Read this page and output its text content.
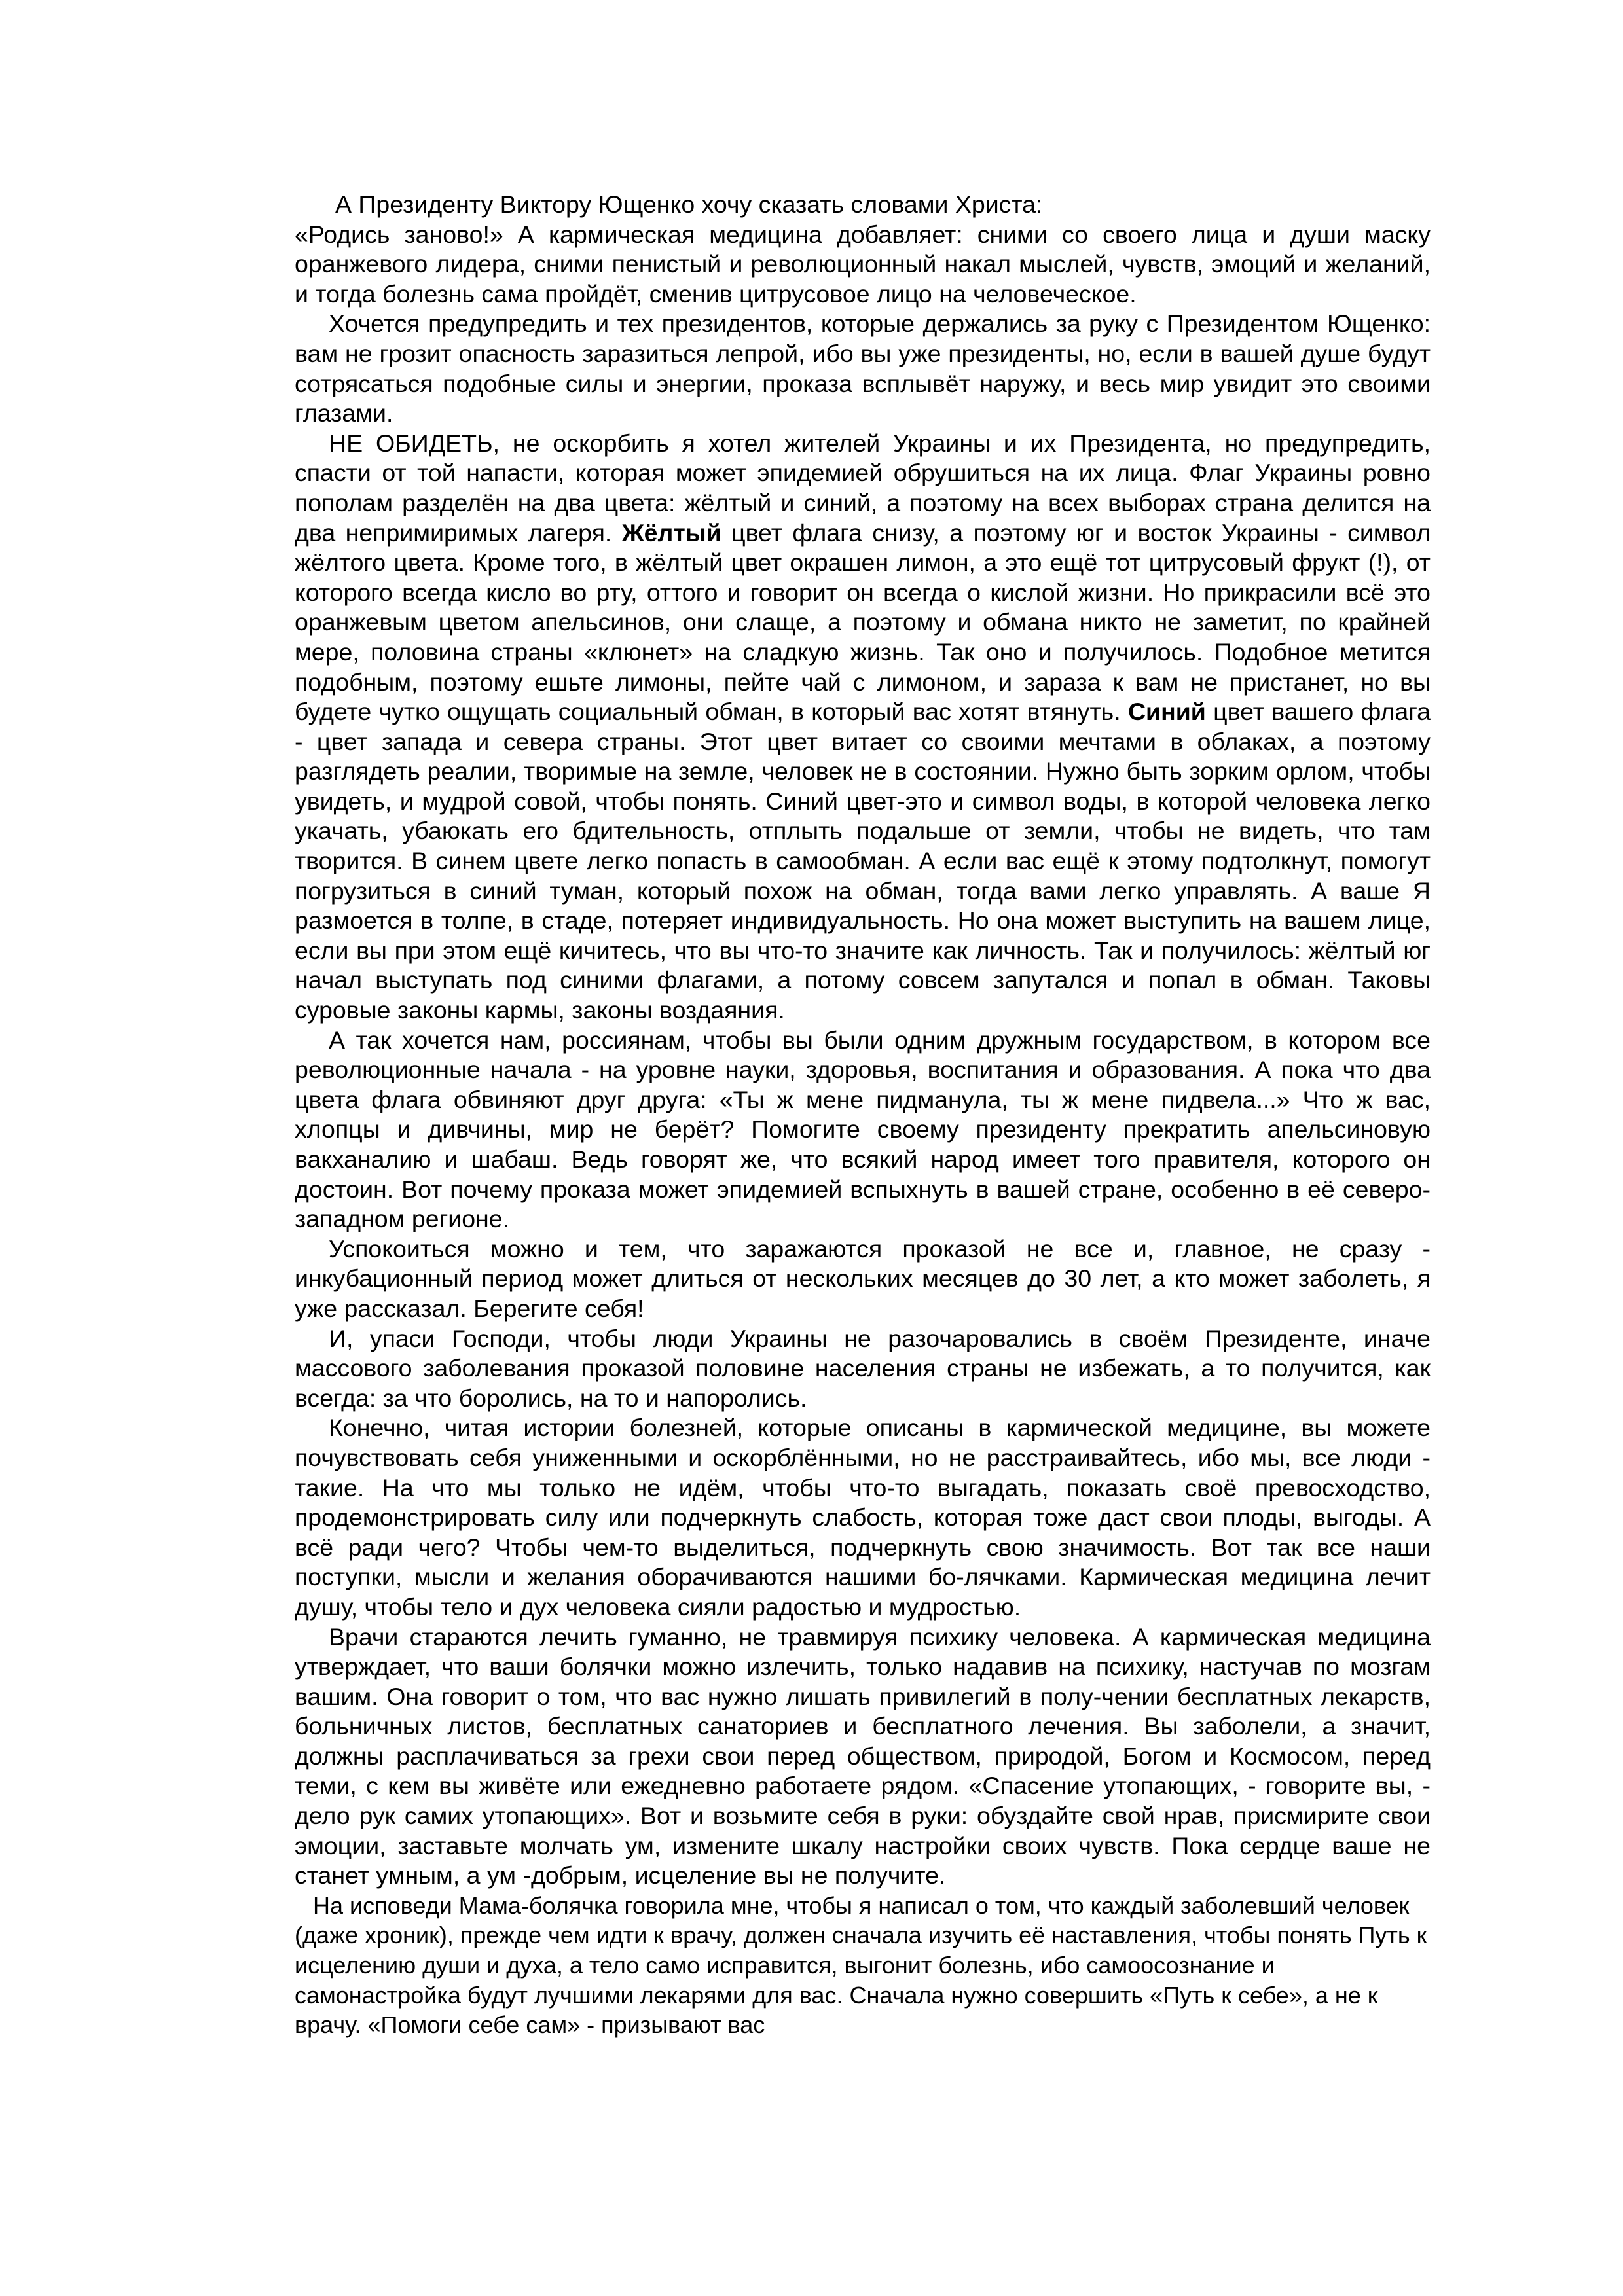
А Президенту Виктору Ющенко хочу сказать словами Христа:
«Родись заново!» А кармическая медицина добавляет: сними со своего лица и души маску оранжевого лидера, сними пенистый и революционный накал мыслей, чувств, эмоций и желаний, и тогда болезнь сама пройдёт, сменив цитрусовое лицо на человеческое.

Хочется предупредить и тех президентов, которые держались за руку с Президентом Ющенко: вам не грозит опасность заразиться лепрой, ибо вы уже президенты, но, если в вашей душе будут сотрясаться подобные силы и энергии, проказа всплывёт наружу, и весь мир увидит это своими глазами.

НЕ ОБИДЕТЬ, не оскорбить я хотел жителей Украины и их Президента, но предупредить, спасти от той напасти, которая может эпидемией обрушиться на их лица. Флаг Украины ровно пополам разделён на два цвета: жёлтый и синий, а поэтому на всех выборах страна делится на два непримиримых лагеря. Жёлтый цвет флага снизу, а поэтому юг и восток Украины - символ жёлтого цвета. Кроме того, в жёлтый цвет окрашен лимон, а это ещё тот цитрусовый фрукт (!), от которого всегда кисло во рту, оттого и говорит он всегда о кислой жизни. Но прикрасили всё это оранжевым цветом апельсинов, они слаще, а поэтому и обмана никто не заметит, по крайней мере, половина страны «клюнет» на сладкую жизнь. Так оно и получилось. Подобное метится подобным, поэтому ешьте лимоны, пейте чай с лимоном, и зараза к вам не пристанет, но вы будете чутко ощущать социальный обман, в который вас хотят втянуть. Синий цвет вашего флага - цвет запада и севера страны. Этот цвет витает со своими мечтами в облаках, а поэтому разглядеть реалии, творимые на земле, человек не в состоянии. Нужно быть зорким орлом, чтобы увидеть, и мудрой совой, чтобы понять. Синий цвет-это и символ воды, в которой человека легко укачать, убаюкать его бдительность, отплыть подальше от земли, чтобы не видеть, что там творится. В синем цвете легко попасть в самообман. А если вас ещё к этому подтолкнут, помогут погрузиться в синий туман, который похож на обман, тогда вами легко управлять. А ваше Я размоется в толпе, в стаде, потеряет индивидуальность. Но она может выступить на вашем лице, если вы при этом ещё кичитесь, что вы что-то значите как личность. Так и получилось: жёлтый юг начал выступать под синими флагами, а потому совсем запутался и попал в обман. Таковы суровые законы кармы, законы воздаяния.

А так хочется нам, россиянам, чтобы вы были одним дружным государством, в котором все революционные начала - на уровне науки, здоровья, воспитания и образования. А пока что два цвета флага обвиняют друг друга: «Ты ж мене пидманула, ты ж мене пидвела...» Что ж вас, хлопцы и дивчины, мир не берёт? Помогите своему президенту прекратить апельсиновую вакханалию и шабаш. Ведь говорят же, что всякий народ имеет того правителя, которого он достоин. Вот почему проказа может эпидемией вспыхнуть в вашей стране, особенно в её северо-западном регионе.

Успокоиться можно и тем, что заражаются проказой не все и, главное, не сразу - инкубационный период может длиться от нескольких месяцев до 30 лет, а кто может заболеть, я уже рассказал. Берегите себя!

И, упаси Господи, чтобы люди Украины не разочаровались в своём Президенте, иначе массового заболевания проказой половине населения страны не избежать, а то получится, как всегда: за что боролись, на то и напоролись.

Конечно, читая истории болезней, которые описаны в кармической медицине, вы можете почувствовать себя униженными и оскорблёнными, но не расстраивайтесь, ибо мы, все люди - такие. На что мы только не идём, чтобы что-то выгадать, показать своё превосходство, продемонстрировать силу или подчеркнуть слабость, которая тоже даст свои плоды, выгоды. А всё ради чего? Чтобы чем-то выделиться, подчеркнуть свою значимость. Вот так все наши поступки, мысли и желания оборачиваются нашими бо-лячками. Кармическая медицина лечит душу, чтобы тело и дух человека сияли радостью и мудростью.

Врачи стараются лечить гуманно, не травмируя психику человека. А кармическая медицина утверждает, что ваши болячки можно излечить, только надавив на психику, настучав по мозгам вашим. Она говорит о том, что вас нужно лишать привилегий в полу-чении бесплатных лекарств, больничных листов, бесплатных санаториев и бесплатного лечения. Вы заболели, а значит, должны расплачиваться за грехи свои перед обществом, природой, Богом и Космосом, перед теми, с кем вы живёте или ежедневно работаете рядом. «Спасение утопающих, - говорите вы, - дело рук самих утопающих». Вот и возьмите себя в руки: обуздайте свой нрав, присмирите свои эмоции, заставьте молчать ум, измените шкалу настройки своих чувств. Пока сердце ваше не станет умным, а ум -добрым, исцеление вы не получите.

На исповеди Мама-болячка говорила мне, чтобы я написал о том, что каждый заболевший человек (даже хроник), прежде чем идти к врачу, должен сначала изучить её наставления, чтобы понять Путь к исцелению души и духа, а тело само исправится, выгонит болезнь, ибо самоосознание и самонастройка будут лучшими лекарями для вас. Сначала нужно совершить «Путь к себе», а не к врачу. «Помоги себе сам» - призывают вас
